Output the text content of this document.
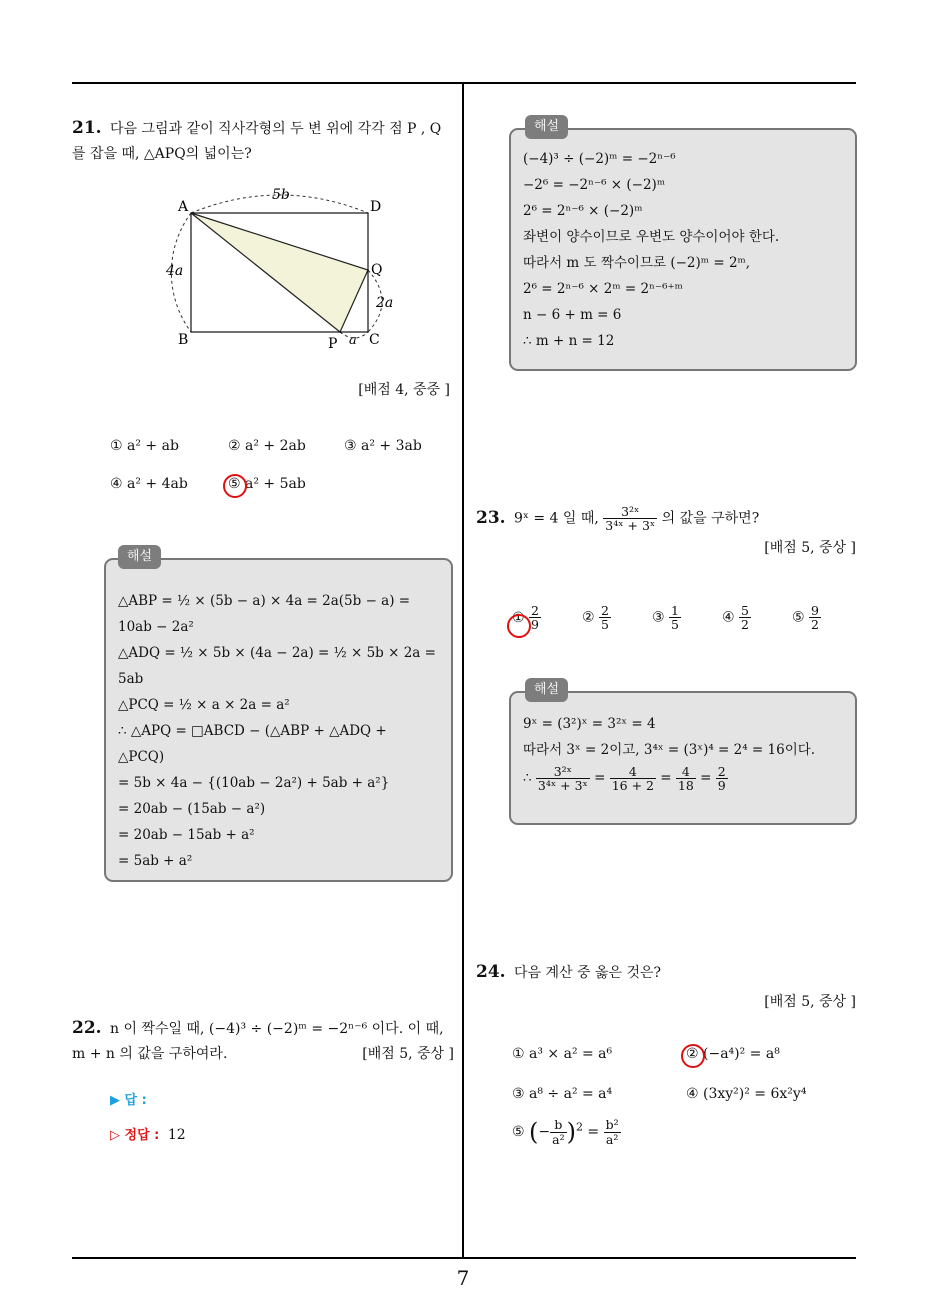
7
21. 다음 그림과 같이 직사각형의 두 변 위에 각각 점 P , Q를 잡을 때, △APQ의 넓이는?
A	D
Q
B	P C
5b
4a
2a
a
[배점 4, 중중 ]
① a² + ab	② a² + 2ab	③ a² + 3ab
④ a² + 4ab	⑤ a² + 5ab
해설
△ABP = ½ × (5b − a) × 4a = 2a(5b − a) =
10ab − 2a²
△ADQ = ½ × 5b × (4a − 2a) = ½ × 5b × 2a = 5ab
△PCQ = ½ × a × 2a = a²
∴ △APQ = □ABCD − (△ABP + △ADQ +
△PCQ)
= 5b × 4a − {(10ab − 2a²) + 5ab + a²}
= 20ab − (15ab − a²)
= 20ab − 15ab + a²
= 5ab + a²
22. n 이 짝수일 때, (−4)³ ÷ (−2)ᵐ = −2ⁿ⁻⁶ 이다. 이 때, m + n 의 값을 구하여라.	[배점 5, 중상 ]
▶ 답 :
▷ 정답 : 12
해설
(−4)³ ÷ (−2)ᵐ = −2ⁿ⁻⁶
−2⁶ = −2ⁿ⁻⁶ × (−2)ᵐ
2⁶ = 2ⁿ⁻⁶ × (−2)ᵐ
좌변이 양수이므로 우변도 양수이어야 한다.
따라서 m 도 짝수이므로 (−2)ᵐ = 2ᵐ,
2⁶ = 2ⁿ⁻⁶ × 2ᵐ = 2ⁿ⁻⁶⁺ᵐ
n − 6 + m = 6
∴ m + n = 12
23. 9ˣ = 4 일 때, $\frac{\text{3²ˣ}}{\text{3⁴ˣ + 3ˣ}}$ 의 값을 구하면?
[배점 5, 중상 ]
① $\frac{2}{9}$	② $\frac{2}{5}$	③ $\frac{1}{5}$	④ $\frac{5}{2}$	⑤ $\frac{9}{2}$
해설
9ˣ = (3²)ˣ = 3²ˣ = 4
따라서 3ˣ = 2이고, 3⁴ˣ = (3ˣ)⁴ = 2⁴ = 16이다.
∴ $\frac{\text{3²ˣ}}{\text{3⁴ˣ + 3ˣ}} = \frac{4}{16 + 2} = \frac{4}{18} = \frac{2}{9}$
24. 다음 계산 중 옳은 것은?
[배점 5, 중상 ]
① a³ × a² = a⁶	② (−a⁴)² = a⁸
③ a⁸ ÷ a² = a⁴	④ (3xy²)² = 6x²y⁴
⑤ (− $\frac{b}{\text{a²}} )^2 = \frac{\text{b²}}{\text{a²}}$
